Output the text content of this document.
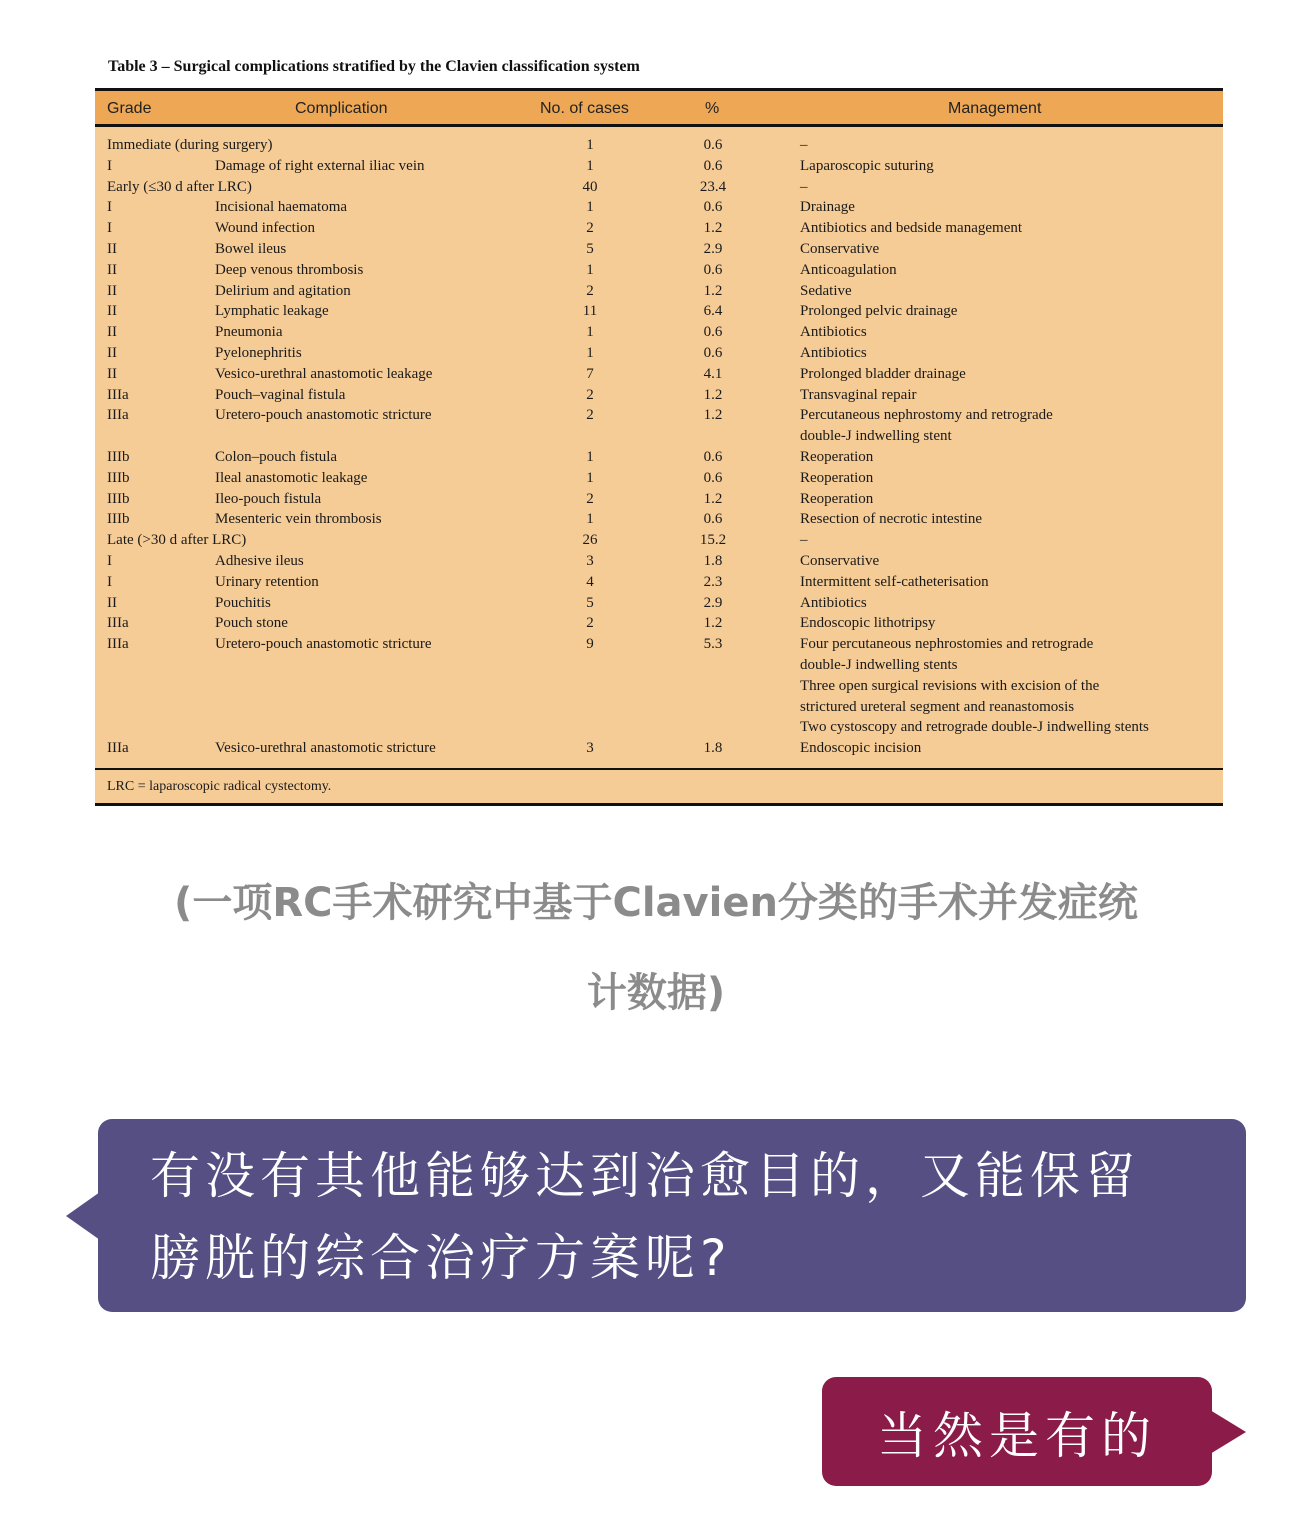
Table 3 – Surgical complications stratified by the Clavien classification system
Grade	Complication	No. of cases	%	Management
Immediate (during surgery)	1	0.6	–
I	Damage of right external iliac vein	1	0.6	Laparoscopic suturing
Early (≤30 d after LRC)	40	23.4	–
I	Incisional haematoma	1	0.6	Drainage
I	Wound infection	2	1.2	Antibiotics and bedside management
II	Bowel ileus	5	2.9	Conservative
II	Deep venous thrombosis	1	0.6	Anticoagulation
II	Delirium and agitation	2	1.2	Sedative
II	Lymphatic leakage	11	6.4	Prolonged pelvic drainage
II	Pneumonia	1	0.6	Antibiotics
II	Pyelonephritis	1	0.6	Antibiotics
II	Vesico-urethral anastomotic leakage	7	4.1	Prolonged bladder drainage
IIIa	Pouch–vaginal fistula	2	1.2	Transvaginal repair
IIIa	Uretero-pouch anastomotic stricture	2	1.2	Percutaneous nephrostomy and retrograde
double-J indwelling stent
IIIb	Colon–pouch fistula	1	0.6	Reoperation
IIIb	Ileal anastomotic leakage	1	0.6	Reoperation
IIIb	Ileo-pouch fistula	2	1.2	Reoperation
IIIb	Mesenteric vein thrombosis	1	0.6	Resection of necrotic intestine
Late (>30 d after LRC)	26	15.2	–
I	Adhesive ileus	3	1.8	Conservative
I	Urinary retention	4	2.3	Intermittent self-catheterisation
II	Pouchitis	5	2.9	Antibiotics
IIIa	Pouch stone	2	1.2	Endoscopic lithotripsy
IIIa	Uretero-pouch anastomotic stricture	9	5.3	Four percutaneous nephrostomies and retrograde
double-J indwelling stents
Three open surgical revisions with excision of the
strictured ureteral segment and reanastomosis
Two cystoscopy and retrograde double-J indwelling stents
IIIa	Vesico-urethral anastomotic stricture	3	1.8	Endoscopic incision
LRC = laparoscopic radical cystectomy.
(一项RC手术研究中基于Clavien分类的手术并发症统
计数据)
有没有其他能够达到治愈目的，又能保留
膀胱的综合治疗方案呢?
当然是有的
